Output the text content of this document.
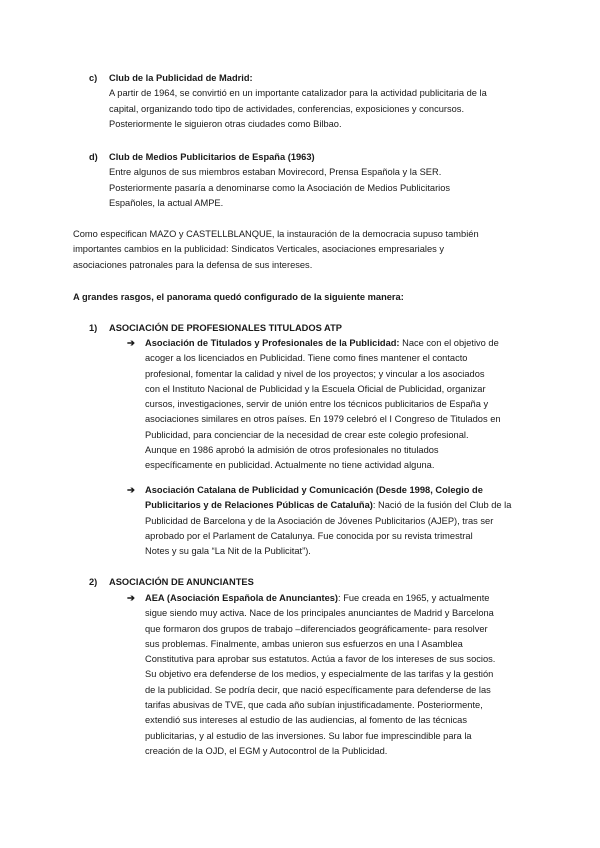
c)	Club de la Publicidad de Madrid:

A partir de 1964, se convirtió en un importante catalizador para la actividad publicitaria de la

capital, organizando todo tipo de actividades, conferencias, exposiciones y concursos.

Posteriormente le siguieron otras ciudades como Bilbao.

d)	Club de Medios Publicitarios de España (1963)

Entre algunos de sus miembros estaban Movirecord, Prensa Española y la SER.

Posteriormente pasaría a denominarse como la Asociación de Medios Publicitarios

Españoles, la actual AMPE.

Como especifican MAZO y CASTELLBLANQUE, la instauración de la democracia supuso también

importantes cambios en la publicidad: Sindicatos Verticales, asociaciones empresariales y

asociaciones patronales para la defensa de sus intereses.

A grandes rasgos, el panorama quedó configurado de la siguiente manera:

1)	ASOCIACIÓN DE PROFESIONALES TITULADOS ATP

➔	Asociación de Titulados y Profesionales de la Publicidad: Nace con el objetivo de

acoger a los licenciados en Publicidad. Tiene como fines mantener el contacto

profesional, fomentar la calidad y nivel de los proyectos; y vincular a los asociados

con el Instituto Nacional de Publicidad y la Escuela Oficial de Publicidad, organizar

cursos, investigaciones, servir de unión entre los técnicos publicitarios de España y

asociaciones similares en otros países. En 1979 celebró el I Congreso de Titulados en

Publicidad, para concienciar de la necesidad de crear este colegio profesional.

Aunque en 1986 aprobó la admisión de otros profesionales no titulados

específicamente en publicidad. Actualmente no tiene actividad alguna.

➔	Asociación Catalana de Publicidad y Comunicación (Desde 1998, Colegio de

Publicitarios y de Relaciones Públicas de Cataluña): Nació de la fusión del Club de la

Publicidad de Barcelona y de la Asociación de Jóvenes Publicitarios (AJEP), tras ser

aprobado por el Parlament de Catalunya. Fue conocida por su revista trimestral

Notes y su gala “La Nit de la Publicitat”).

2)	ASOCIACIÓN DE ANUNCIANTES

➔	AEA (Asociación Española de Anunciantes): Fue creada en 1965, y actualmente

sigue siendo muy activa. Nace de los principales anunciantes de Madrid y Barcelona

que formaron dos grupos de trabajo –diferenciados geográficamente- para resolver

sus problemas. Finalmente, ambas unieron sus esfuerzos en una I Asamblea

Constitutiva para aprobar sus estatutos. Actúa a favor de los intereses de sus socios.

Su objetivo era defenderse de los medios, y especialmente de las tarifas y la gestión

de la publicidad. Se podría decir, que nació específicamente para defenderse de las

tarifas abusivas de TVE, que cada año subían injustificadamente. Posteriormente,

extendió sus intereses al estudio de las audiencias, al fomento de las técnicas

publicitarias, y al estudio de las inversiones. Su labor fue imprescindible para la

creación de la OJD, el EGM y Autocontrol de la Publicidad.
